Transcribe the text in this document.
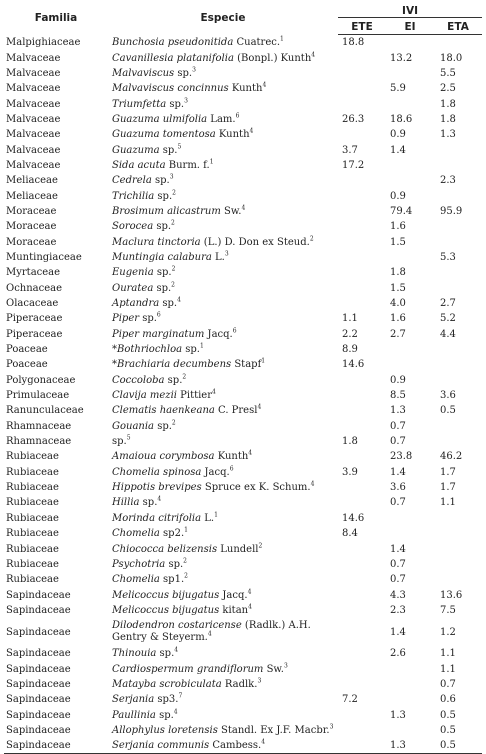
Familia	Especie	IVI		
		ETE	EI	ETA
Malpighiaceae	Bunchosia pseudonitida Cuatrec.$^1$	18.8		
Malvaceae	Cavanillesia platanifolia (Bonpl.) Kunth$^4$		13.2	18.0
Malvaceae	Malvaviscus sp.$^3$			5.5
Malvaceae	Malvaviscus concinnus Kunth$^4$		5.9	2.5
Malvaceae	Triumfetta sp.$^3$			1.8
Malvaceae	Guazuma ulmifolia Lam.$^6$	26.3	18.6	1.8
Malvaceae	Guazuma tomentosa Kunth$^4$		0.9	1.3
Malvaceae	Guazuma sp.$^5$	3.7	1.4	
Malvaceae	Sida acuta Burm. f.$^1$	17.2		
Meliaceae	Cedrela sp.$^3$			2.3
Meliaceae	Trichilia sp.$^2$		0.9	
Moraceae	Brosimum alicastrum Sw.$^4$		79.4	95.9
Moraceae	Sorocea sp.$^2$		1.6	
Moraceae	Maclura tinctoria (L.) D. Don ex Steud.$^2$		1.5	
Muntingiaceae	Muntingia calabura L.$^3$			5.3
Myrtaceae	Eugenia sp.$^2$		1.8	
Ochnaceae	Ouratea sp.$^2$		1.5	
Olacaceae	Aptandra sp.$^4$		4.0	2.7
Piperaceae	Piper sp.$^6$	1.1	1.6	5.2
Piperaceae	Piper marginatum Jacq.$^6$	2.2	2.7	4.4
Poaceae	*Bothriochloa sp.$^1$	8.9		
Poaceae	*Brachiaria decumbens Stapf$^1$	14.6		
Polygonaceae	Coccoloba sp.$^2$		0.9	
Primulaceae	Clavija mezii Pittier$^4$		8.5	3.6
Ranunculaceae	Clematis haenkeana C. Presl$^4$		1.3	0.5
Rhamnaceae	Gouania sp.$^2$		0.7	
Rhamnaceae	sp.$^5$	1.8	0.7	
Rubiaceae	Amaioua corymbosa Kunth$^4$		23.8	46.2
Rubiaceae	Chomelia spinosa Jacq.$^6$	3.9	1.4	1.7
Rubiaceae	Hippotis brevipes Spruce ex K. Schum.$^4$		3.6	1.7
Rubiaceae	Hillia sp.$^4$		0.7	1.1
Rubiaceae	Morinda citrifolia L.$^1$	14.6		
Rubiaceae	Chomelia sp2.$^1$	8.4		
Rubiaceae	Chiococca belizensis Lundell$^2$		1.4	
Rubiaceae	Psychotria sp.$^2$		0.7	
Rubiaceae	Chomelia sp1.$^2$		0.7	
Sapindaceae	Melicoccus bijugatus Jacq.$^4$		4.3	13.6
Sapindaceae	Melicoccus bijugatus kitan$^4$		2.3	7.5
Sapindaceae	Dilodendron costaricense (Radlk.) A.H. Gentry & Steyerm.$^4$		1.4	1.2
Sapindaceae	Thinouia sp.$^4$		2.6	1.1
Sapindaceae	Cardiospermum grandiflorum Sw.$^3$			1.1
Sapindaceae	Matayba scrobiculata Radlk.$^3$			0.7
Sapindaceae	Serjania sp3.$^7$	7.2		0.6
Sapindaceae	Paullinia sp.$^4$		1.3	0.5
Sapindaceae	Allophylus loretensis Standl. Ex J.F. Macbr.$^3$			0.5
Sapindaceae	Serjania communis Cambess.$^4$		1.3	0.5
